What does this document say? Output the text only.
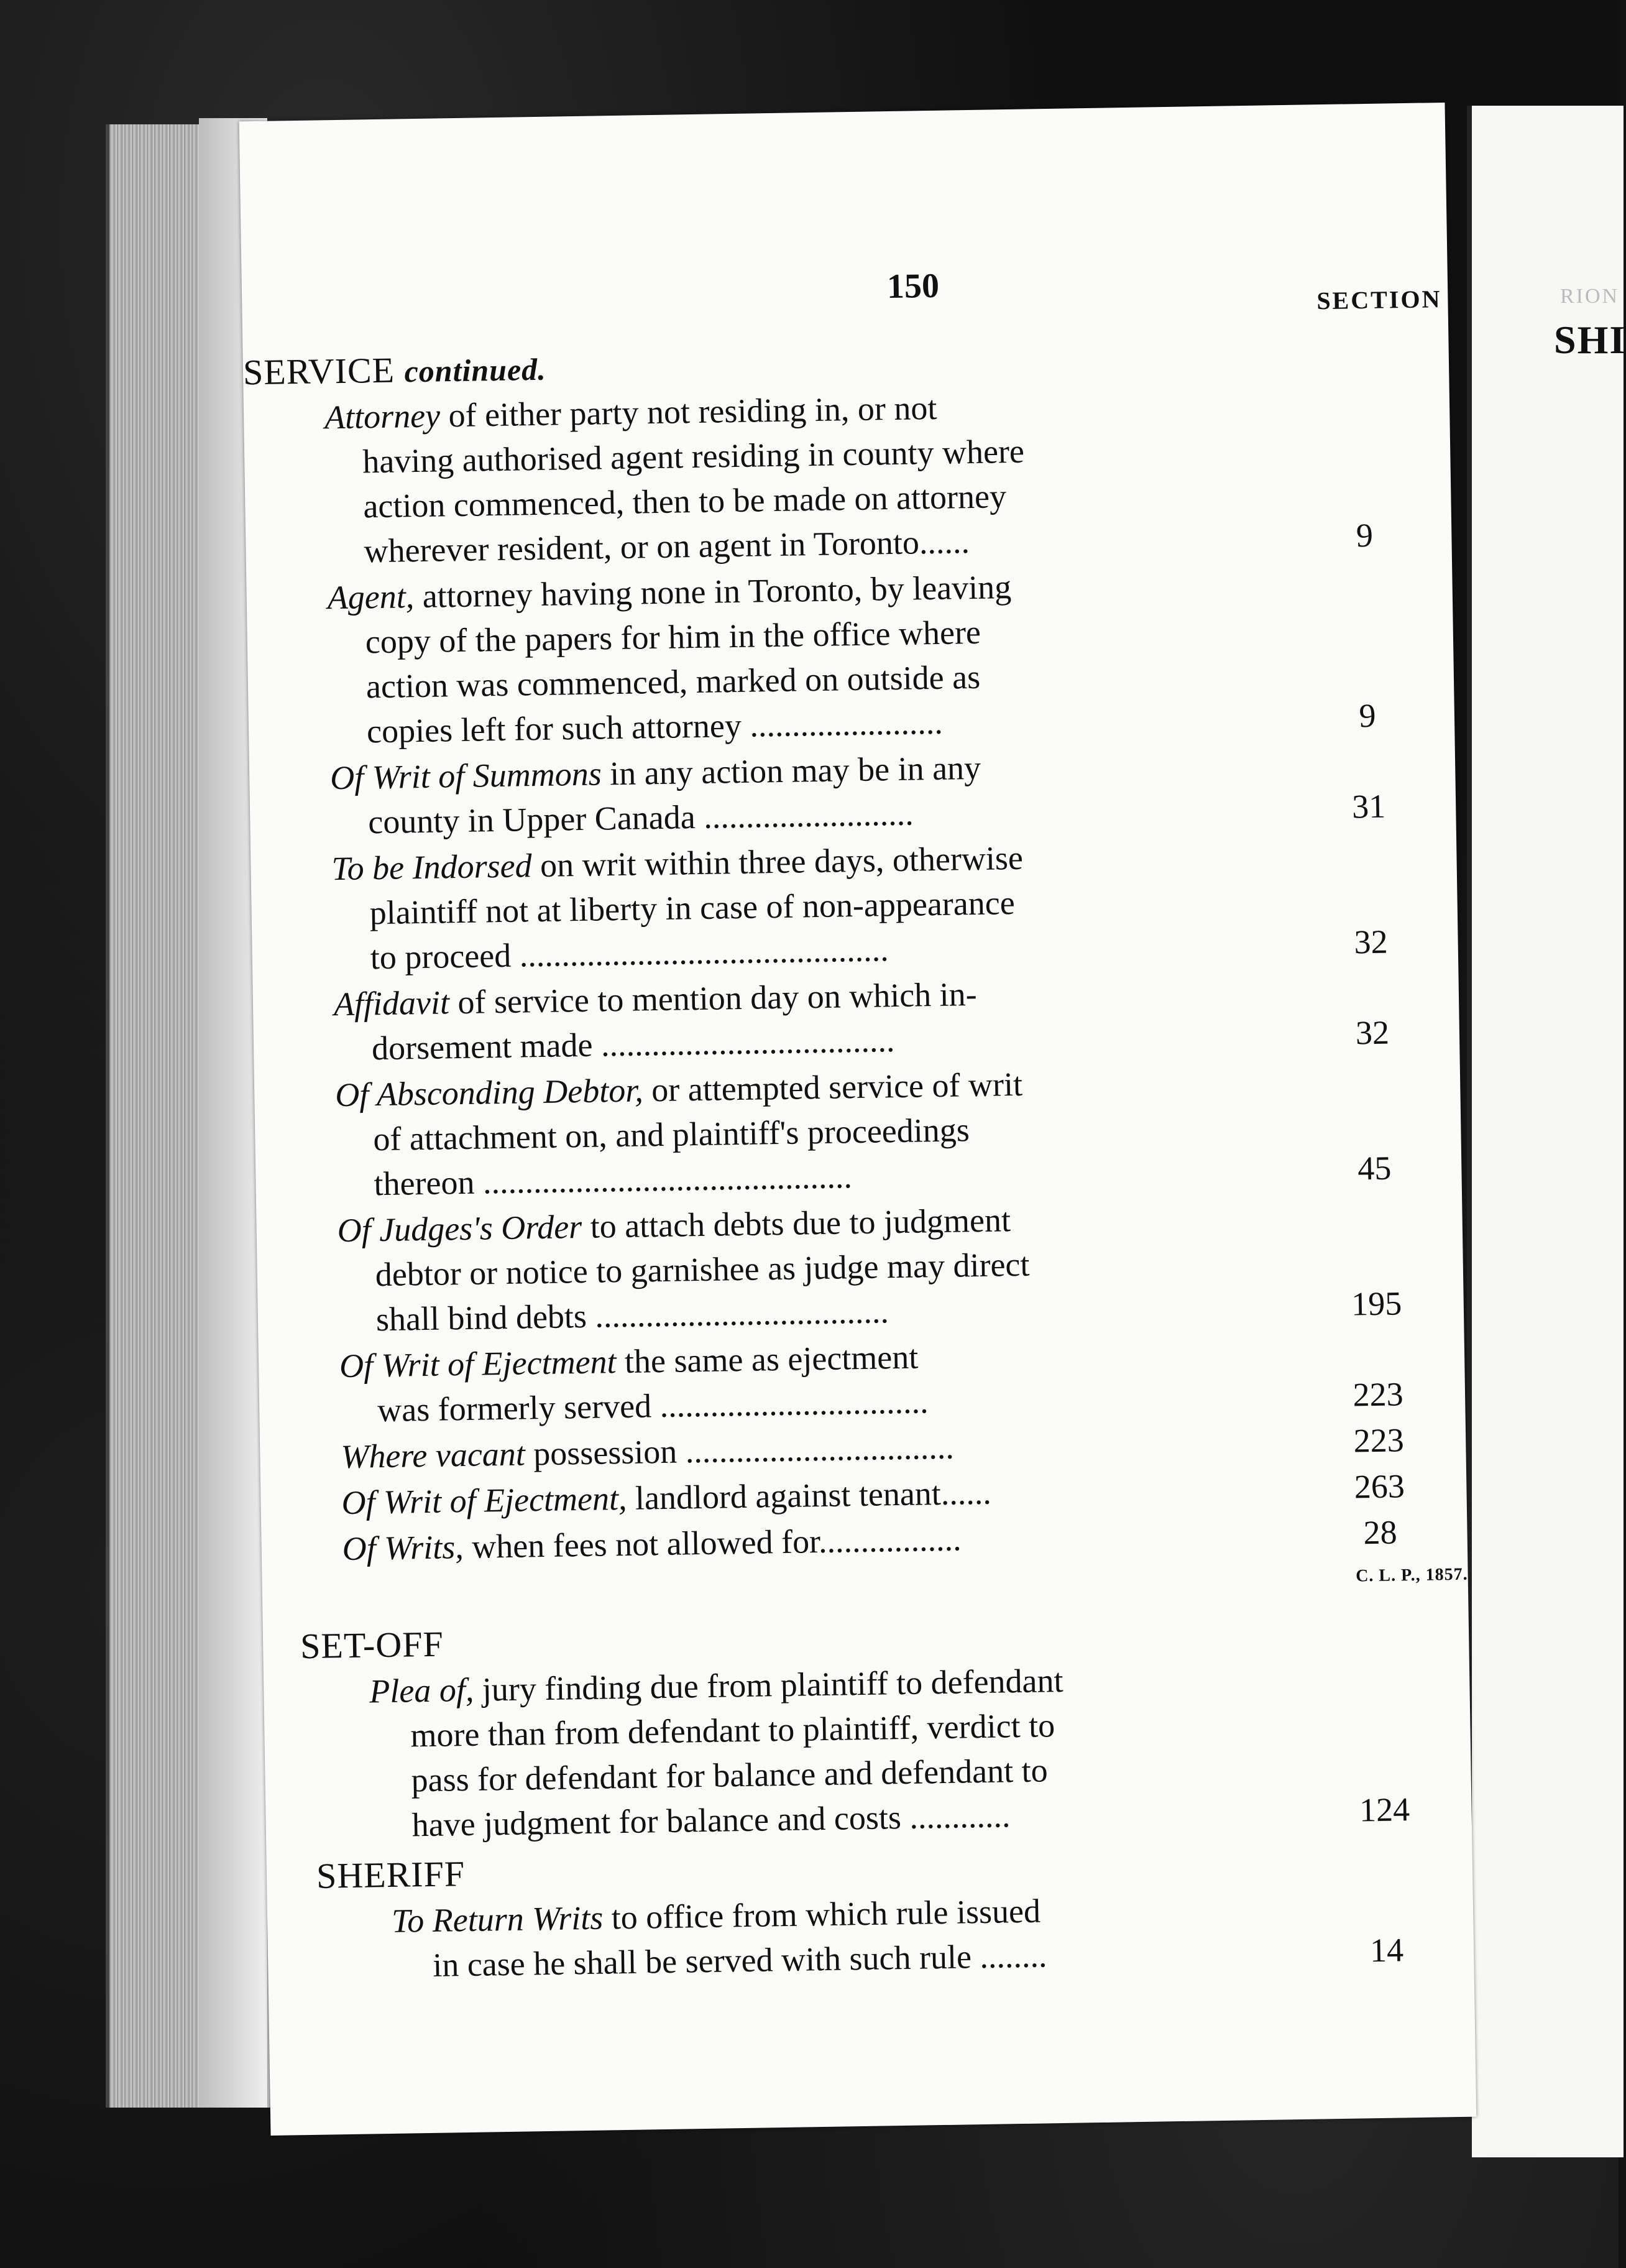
RION
SHI
150	SECTION
SERVICE continued.
Attorney of either party not residing in, or not
having authorised agent residing in county where
action commenced, then to be made on attorney
wherever resident, or on agent in Toronto......	9
Agent, attorney having none in Toronto, by leaving
copy of the papers for him in the office where
action was commenced, marked on outside as
copies left for such attorney .......................	9
Of Writ of Summons in any action may be in any
county in Upper Canada .........................	31
To be Indorsed on writ within three days, otherwise
plaintiff not at liberty in case of non-appearance
to proceed ............................................	32
Affidavit of service to mention day on which in-
dorsement made ...................................	32
Of Absconding Debtor, or attempted service of writ
of attachment on, and plaintiff's proceedings
thereon ............................................	45
Of Judges's Order to attach debts due to judgment
debtor or notice to garnishee as judge may direct
shall bind debts ...................................	195
Of Writ of Ejectment the same as ejectment
was formerly served ................................	223
Where vacant possession ................................	223
Of Writ of Ejectment, landlord against tenant......	263
Of Writs, when fees not allowed for.................	28
SET-OFF
Plea of, jury finding due from plaintiff to defendant
more than from defendant to plaintiff, verdict to
pass for defendant for balance and defendant to
have judgment for balance and costs ............	124
SHERIFF
To Return Writs to office from which rule issued
in case he shall be served with such rule ........	14
C. L. P., 1857.
